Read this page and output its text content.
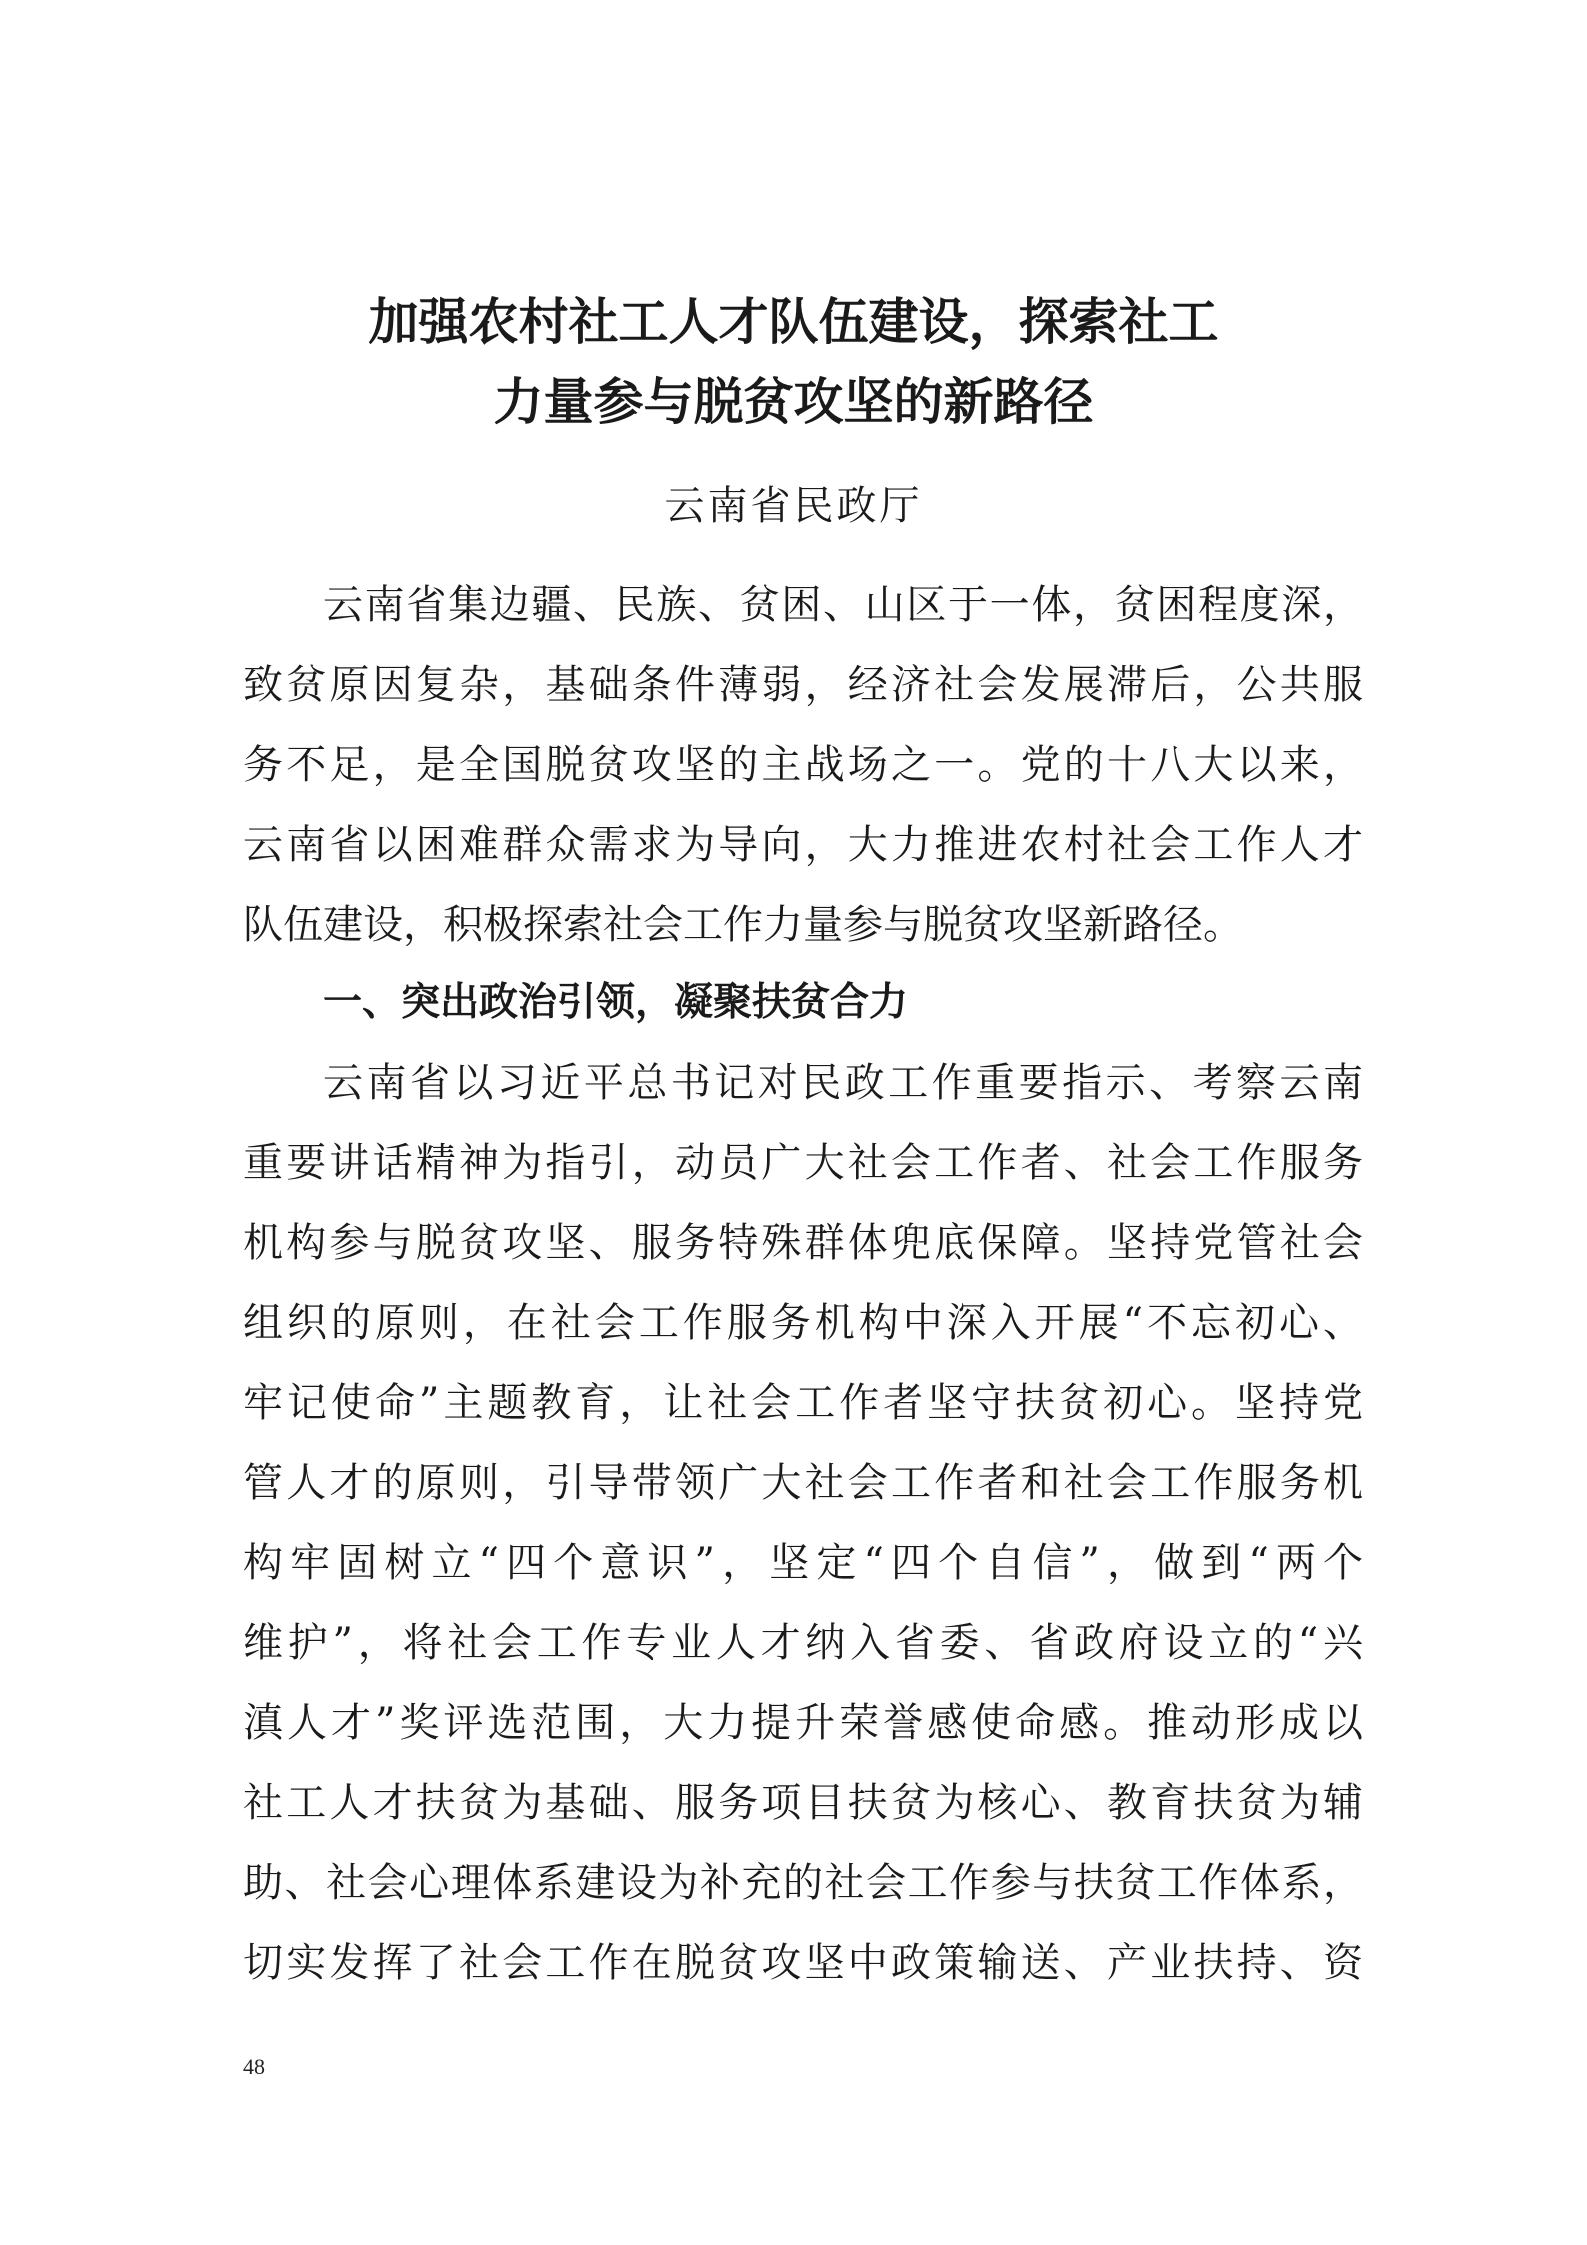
加强农村社工人才队伍建设，探索社工
力量参与脱贫攻坚的新路径
云南省民政厅
云南省集边疆、民族、贫困、山区于一体，贫困程度深，
致贫原因复杂，基础条件薄弱，经济社会发展滞后，公共服
务不足，是全国脱贫攻坚的主战场之一。党的十八大以来，
云南省以困难群众需求为导向，大力推进农村社会工作人才
队伍建设，积极探索社会工作力量参与脱贫攻坚新路径。
一、突出政治引领，凝聚扶贫合力
云南省以习近平总书记对民政工作重要指示、考察云南
重要讲话精神为指引，动员广大社会工作者、社会工作服务
机构参与脱贫攻坚、服务特殊群体兜底保障。坚持党管社会
组织的原则，在社会工作服务机构中深入开展“不忘初心、
牢记使命”主题教育，让社会工作者坚守扶贫初心。坚持党
管人才的原则，引导带领广大社会工作者和社会工作服务机
构牢固树立“四个意识”，坚定“四个自信”，做到“两个
维护”，将社会工作专业人才纳入省委、省政府设立的“兴
滇人才”奖评选范围，大力提升荣誉感使命感。推动形成以
社工人才扶贫为基础、服务项目扶贫为核心、教育扶贫为辅
助、社会心理体系建设为补充的社会工作参与扶贫工作体系，
切实发挥了社会工作在脱贫攻坚中政策输送、产业扶持、资
48
